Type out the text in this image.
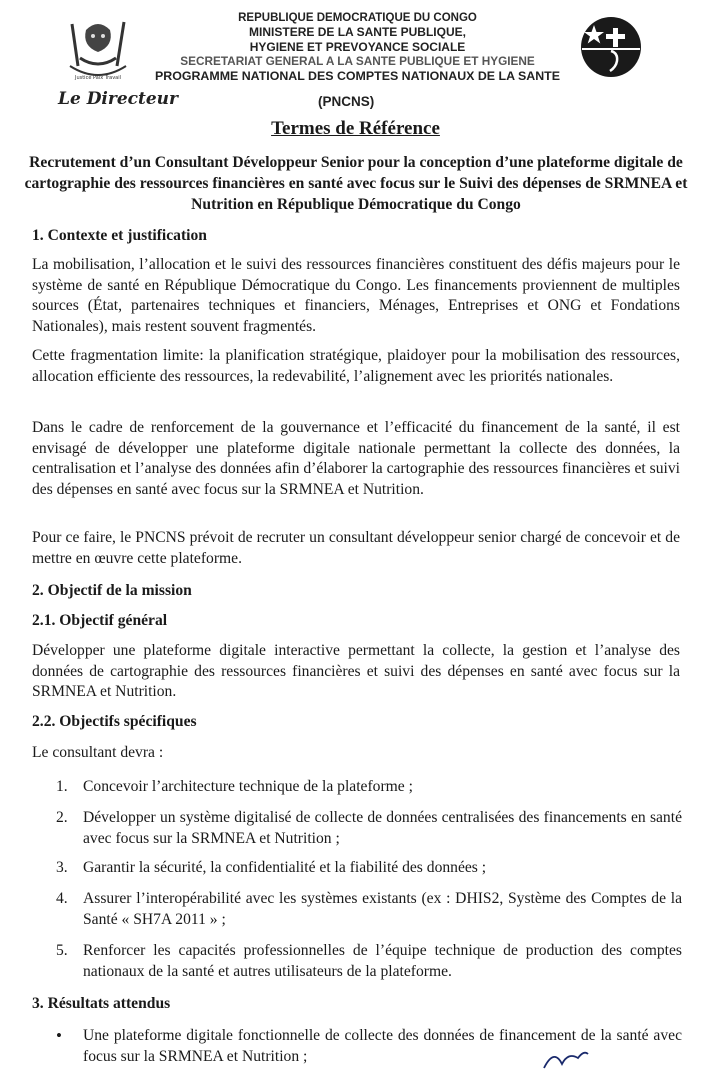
Justice Paix Travail
Le Directeur
REPUBLIQUE DEMOCRATIQUE DU CONGO
MINISTERE DE LA SANTE PUBLIQUE,
HYGIENE ET PREVOYANCE SOCIALE
SECRETARIAT GENERAL A LA SANTE PUBLIQUE ET HYGIENE
PROGRAMME NATIONAL DES COMPTES NATIONAUX DE LA SANTE
(PNCNS)
Termes de Référence
Recrutement d’un Consultant Développeur Senior pour la conception d’une plateforme digitale de cartographie des ressources financières en santé avec focus sur le Suivi des dépenses de SRMNEA et Nutrition en République Démocratique du Congo
1. Contexte et justification
La mobilisation, l’allocation et le suivi des ressources financières constituent des défis majeurs pour le système de santé en République Démocratique du Congo. Les financements proviennent de multiples sources (État, partenaires techniques et financiers, Ménages, Entreprises et ONG et Fondations Nationales), mais restent souvent fragmentés.
Cette fragmentation limite: la planification stratégique, plaidoyer pour la mobilisation des ressources, allocation efficiente des ressources, la redevabilité, l’alignement avec les priorités nationales.
Dans le cadre de renforcement de la gouvernance et l’efficacité du financement de la santé, il est envisagé de développer une plateforme digitale nationale permettant la collecte des données, la centralisation et l’analyse des données afin d’élaborer la cartographie des ressources financières et suivi des dépenses en santé avec focus sur la SRMNEA et Nutrition.
Pour ce faire, le PNCNS prévoit de recruter un consultant développeur senior chargé de concevoir et de mettre en œuvre cette plateforme.
2. Objectif de la mission
2.1. Objectif général
Développer une plateforme digitale interactive permettant la collecte, la gestion et l’analyse des données de cartographie des ressources financières et suivi des dépenses en santé avec focus sur la SRMNEA et Nutrition.
2.2. Objectifs spécifiques
Le consultant devra :
1. Concevoir l’architecture technique de la plateforme ;
2. Développer un système digitalisé de collecte de données centralisées des financements en santé avec focus sur la SRMNEA et Nutrition ;
3. Garantir la sécurité, la confidentialité et la fiabilité des données ;
4. Assurer l’interopérabilité avec les systèmes existants (ex : DHIS2, Système des Comptes de la Santé « SH7A 2011 » ;
5. Renforcer les capacités professionnelles de l’équipe technique de production des comptes nationaux de la santé et autres utilisateurs de la plateforme.
3. Résultats attendus
•	Une plateforme digitale fonctionnelle de collecte des données de financement de la santé avec focus sur la SRMNEA et Nutrition ;
